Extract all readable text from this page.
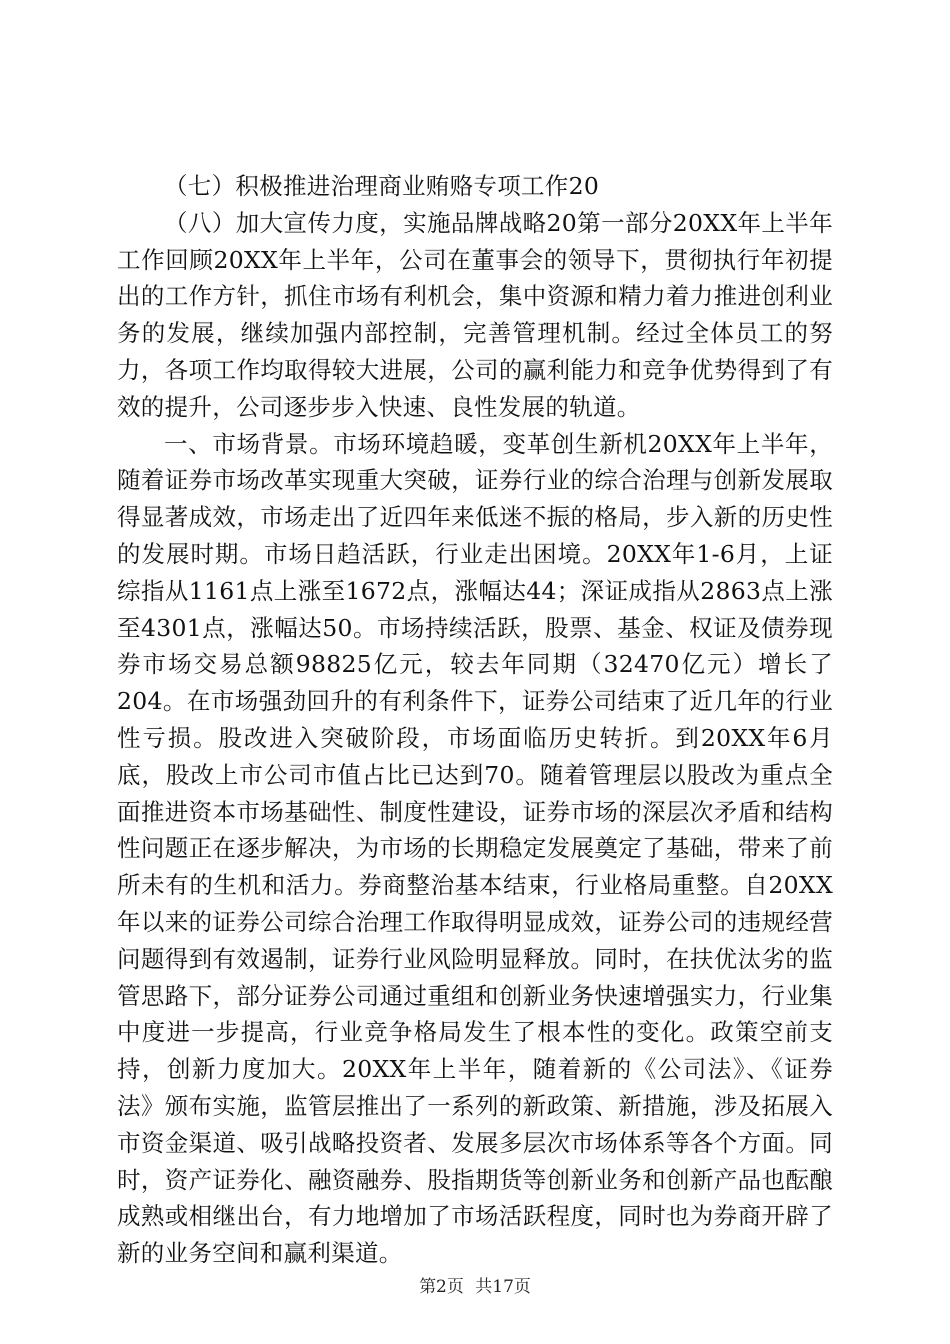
（七）积极推进治理商业贿赂专项工作20

（八）加大宣传力度，实施品牌战略20第一部分20XX年上半年工作回顾20XX年上半年，公司在董事会的领导下，贯彻执行年初提出的工作方针，抓住市场有利机会，集中资源和精力着力推进创利业务的发展，继续加强内部控制，完善管理机制。经过全体员工的努力，各项工作均取得较大进展，公司的赢利能力和竞争优势得到了有效的提升，公司逐步步入快速、良性发展的轨道。

一、市场背景。市场环境趋暖，变革创生新机20XX年上半年，随着证券市场改革实现重大突破，证券行业的综合治理与创新发展取得显著成效，市场走出了近四年来低迷不振的格局，步入新的历史性的发展时期。市场日趋活跃，行业走出困境。20XX年1-6月，上证综指从1161点上涨至1672点，涨幅达44；深证成指从2863点上涨至4301点，涨幅达50。市场持续活跃，股票、基金、权证及债券现券市场交易总额98825亿元，较去年同期（32470亿元）增长了204。在市场强劲回升的有利条件下，证券公司结束了近几年的行业性亏损。股改进入突破阶段，市场面临历史转折。到20XX年6月底，股改上市公司市值占比已达到70。随着管理层以股改为重点全面推进资本市场基础性、制度性建设，证券市场的深层次矛盾和结构性问题正在逐步解决，为市场的长期稳定发展奠定了基础，带来了前所未有的生机和活力。券商整治基本结束，行业格局重整。自20XX年以来的证券公司综合治理工作取得明显成效，证券公司的违规经营问题得到有效遏制，证券行业风险明显释放。同时，在扶优汰劣的监管思路下，部分证券公司通过重组和创新业务快速增强实力，行业集中度进一步提高，行业竞争格局发生了根本性的变化。政策空前支持，创新力度加大。20XX年上半年，随着新的《公司法》、《证券法》颁布实施，监管层推出了一系列的新政策、新措施，涉及拓展入市资金渠道、吸引战略投资者、发展多层次市场体系等各个方面。同时，资产证券化、融资融券、股指期货等创新业务和创新产品也酝酿成熟或相继出台，有力地增加了市场活跃程度，同时也为券商开辟了新的业务空间和赢利渠道。

第2页 共17页
